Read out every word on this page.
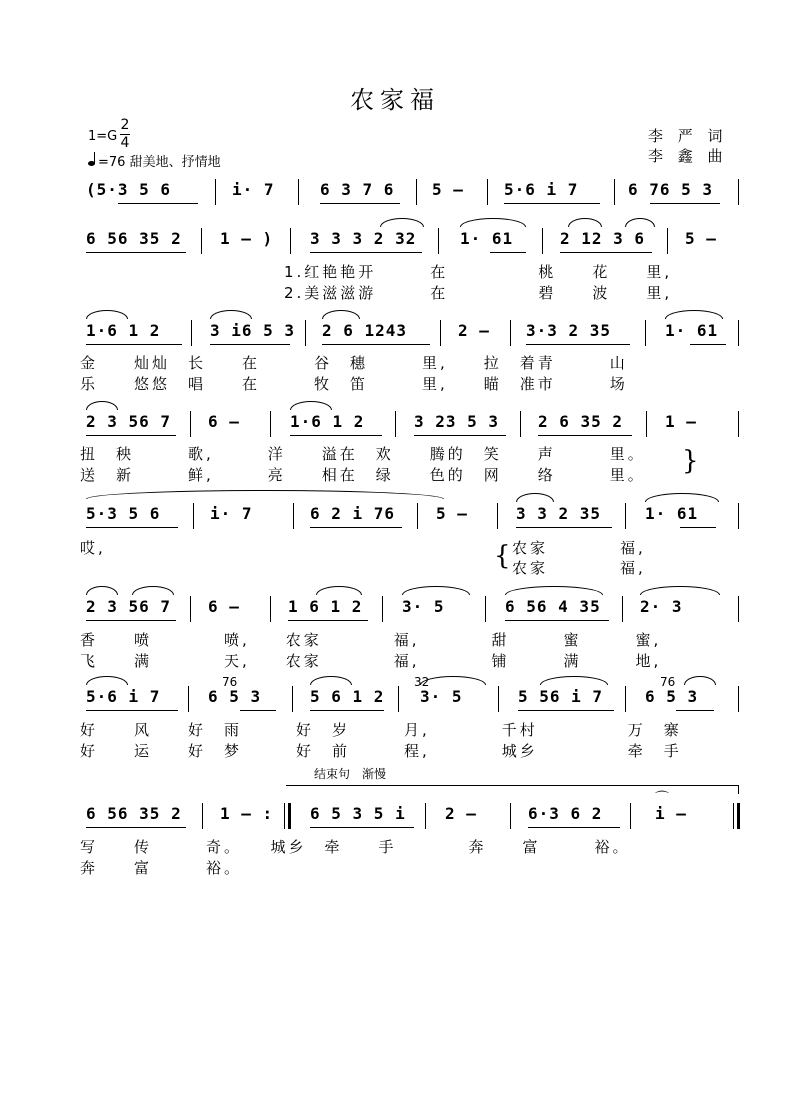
农家福
1=G
2
4
=76 甜美地、抒情地
李 严 词
李 鑫 曲
(5·3 5 6	i· 7	6 3 7 6 5 –	5·6 i 7	6 76 5 3
6 56 35 2 1 – ) 3 3 3 2 32	1· 61	2 12 3 6 5 –
1.红艳艳开　　　在　　　　　桃　　花　　里,
2.美滋滋游　　　在　　　　　碧　　波　　里,
1·6 1 2	3 i6 5 3 2 6 1243	2 – 3·3 2 35	1· 61
金　　灿灿　长　　在　　　谷　穗　　　里,　　拉　着青　　　山
乐　　悠悠　唱　　在　　　牧　笛　　　里,　　瞄　准市　　　场
2 3 56 7 6 –	1·6 1 2	3 23 5 3 2 6 35 2	1 –
扭　秧　　　歌,　　　洋　　溢在　欢　　腾的　笑　　声　　　里。
送　新　　　鲜,　　　亮　　相在　绿　　色的　网　　络　　　里。	}
5·3 5 6	i· 7	6 2 i 76	5 –	3 3 2 35	1· 61
哎,	{ 农家　　　　福,
农家　　　　福,
2 3 56 7 6 –	1 6 1 2 3· 5	6 56 4 35 2· 3
香　　喷　　　　喷,　　农家　　　　福,　　　　甜　　　蜜　　　蜜,
飞　　满　　　　天,　　农家　　　　福,　　　　铺　　　满　　　地,
5·6 i 7	6 5 3
76
5 6 1 2 3· 5
32
5 56 i 7	6 5 3
76
好　　风　　好　雨　　　好　岁　　　月,　　　　千村　　　　　万　寨
好　　运　　好　梦　　　好　前　　　程,　　　　城乡　　　　　牵　手
结束句　渐慢
6 56 35 2 1 – : 6 5 3 5 i 2 –	6·3 6 2	i –
⌒
写　　传　　　奇。　　城乡　牵　　手　　　　奔　　富　　　裕。
奔　　富　　　裕。
